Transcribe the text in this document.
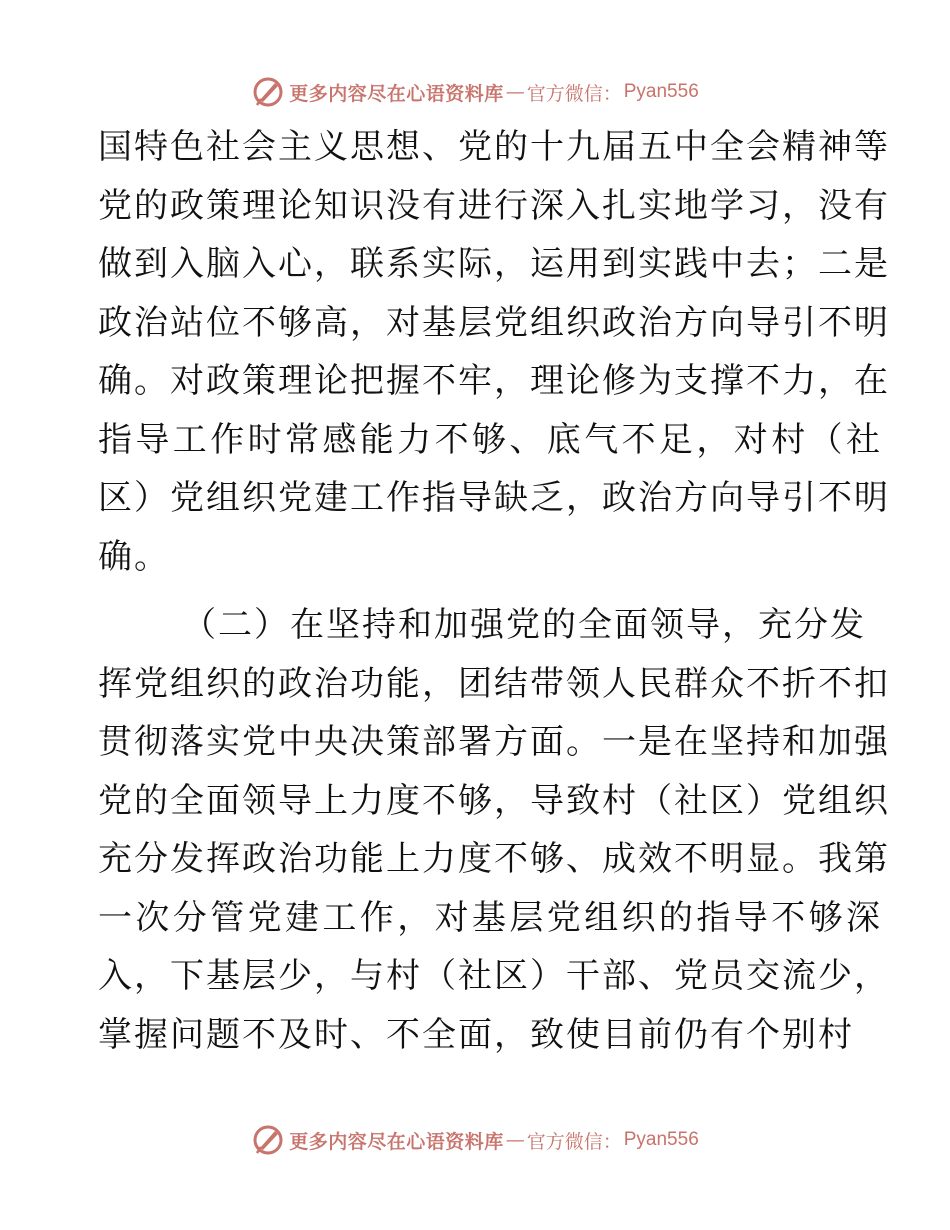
更多内容尽在心语资料库 — 官方微信： Pyan556
国特色社会主义思想、党的十九届五中全会精神等
党的政策理论知识没有进行深入扎实地学习，没有
做到入脑入心，联系实际，运用到实践中去；二是
政治站位不够高，对基层党组织政治方向导引不明
确。对政策理论把握不牢，理论修为支撑不力，在
指导工作时常感能力不够、底气不足，对村（社
区）党组织党建工作指导缺乏，政治方向导引不明
确。
（二）在坚持和加强党的全面领导，充分发
挥党组织的政治功能，团结带领人民群众不折不扣
贯彻落实党中央决策部署方面。一是在坚持和加强
党的全面领导上力度不够，导致村（社区）党组织
充分发挥政治功能上力度不够、成效不明显。我第
一次分管党建工作，对基层党组织的指导不够深
入，下基层少，与村（社区）干部、党员交流少，
掌握问题不及时、不全面，致使目前仍有个别村
更多内容尽在心语资料库 — 官方微信： Pyan556
